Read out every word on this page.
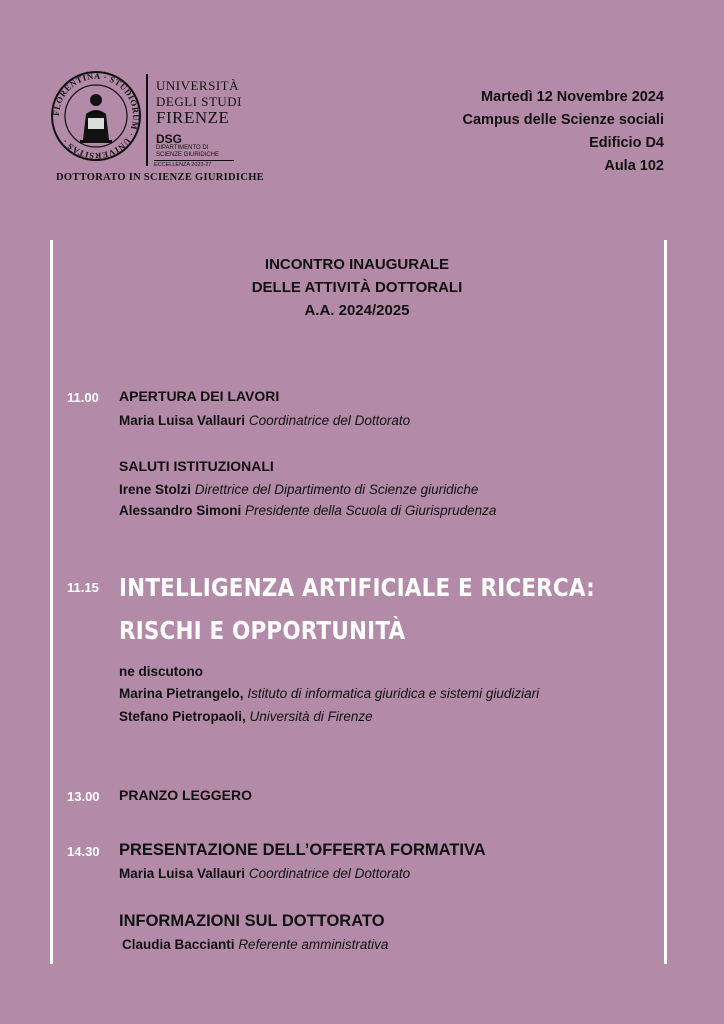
FLORENTINA · STUDIORUM · UNIVERSITAS ·
UNIVERSITÀ
DEGLI STUDI
FIRENZE
DSG
DIPARTIMENTO DI
SCIENZE GIURIDICHE
ECCELLENZA 2023-27
DOTTORATO IN SCIENZE GIURIDICHE
Martedì 12 Novembre 2024
Campus delle Scienze sociali
Edificio D4
Aula 102
INCONTRO INAUGURALE
DELLE ATTIVITÀ DOTTORALI
A.A. 2024/2025
11.00 APERTURA DEI LAVORI
Maria Luisa Vallauri Coordinatrice del Dottorato
SALUTI ISTITUZIONALI
Irene Stolzi Direttrice del Dipartimento di Scienze giuridiche
Alessandro Simoni Presidente della Scuola di Giurisprudenza
11.15 INTELLIGENZA ARTIFICIALE E RICERCA:
RISCHI E OPPORTUNITÀ
ne discutono
Marina Pietrangelo, Istituto di informatica giuridica e sistemi giudiziari
Stefano Pietropaoli, Università di Firenze
13.00 PRANZO LEGGERO
14.30 PRESENTAZIONE DELL’OFFERTA FORMATIVA
Maria Luisa Vallauri Coordinatrice del Dottorato
INFORMAZIONI SUL DOTTORATO
Claudia Baccianti Referente amministrativa
